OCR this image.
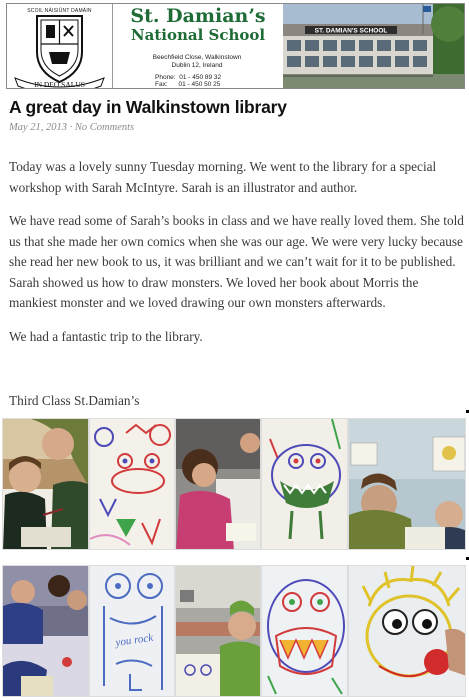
SCOIL NÁISIÚNT DAMÁIN
IN DEO SALUS

St. Damian’s

National School

Beechfield Close, Walkinstown
Dublin 12, Ireland
Phone:  01 - 450 89 32
Fax:      01 - 450 50 25
ST. DAMIAN'S SCHOOL
A great day in Walkinstown library
May 21, 2013 · No Comments

Today was a lovely sunny Tuesday morning. We went to the library for a special workshop with Sarah McIntyre. Sarah is an illustrator and author.

We have read some of Sarah’s books in class and we have really loved them. She told us that she made her own comics when she was our age. We were very lucky because she read her new book to us, it was brilliant and we can’t wait for it to be published. Sarah showed us how to draw monsters. We loved her book about Morris the mankiest monster and we loved drawing our own monsters afterwards.

We had a fantastic trip to the library.

Third Class St.Damian’s
you rock
